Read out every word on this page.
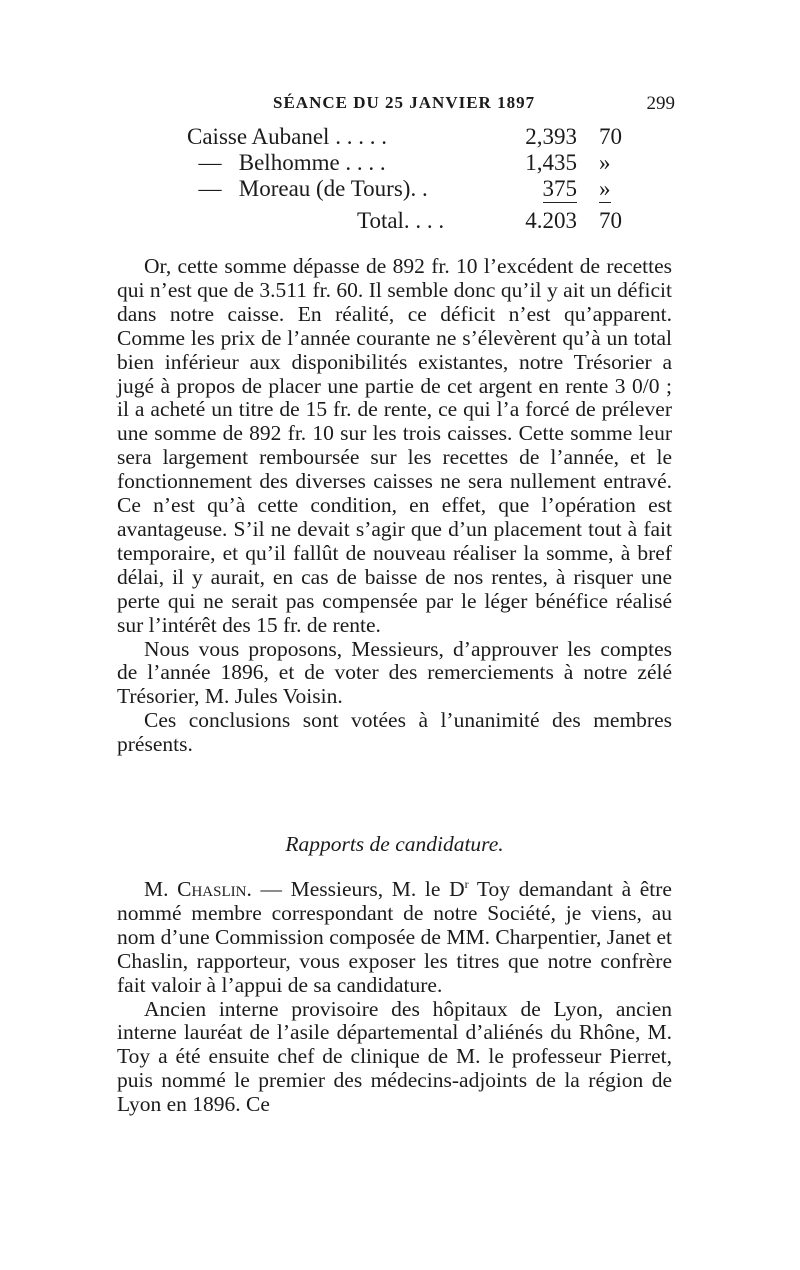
SÉANCE DU 25 JANVIER 1897	299
Caisse Aubanel . . . . .	2,393 70
—   Belhomme . . . .	1,435 »
—   Moreau (de Tours). .	375 »
Total. . . .	4.203 70

Or, cette somme dépasse de 892 fr. 10 l’excédent de recettes qui n’est que de 3.511 fr. 60. Il semble donc qu’il y ait un déficit dans notre caisse. En réalité, ce déficit n’est qu’apparent. Comme les prix de l’année courante ne s’élevèrent qu’à un total bien inférieur aux disponibilités existantes, notre Trésorier a jugé à propos de placer une partie de cet argent en rente 3 0/0 ; il a acheté un titre de 15 fr. de rente, ce qui l’a forcé de prélever une somme de 892 fr. 10 sur les trois caisses. Cette somme leur sera largement remboursée sur les recettes de l’année, et le fonctionnement des diverses caisses ne sera nullement entravé. Ce n’est qu’à cette condition, en effet, que l’opération est avantageuse. S’il ne devait s’agir que d’un placement tout à fait temporaire, et qu’il fallût de nouveau réaliser la somme, à bref délai, il y aurait, en cas de baisse de nos rentes, à risquer une perte qui ne serait pas compensée par le léger bénéfice réalisé sur l’intérêt des 15 fr. de rente.

Nous vous proposons, Messieurs, d’approuver les comptes de l’année 1896, et de voter des remerciements à notre zélé Trésorier, M. Jules Voisin.

Ces conclusions sont votées à l’unanimité des membres présents.

Rapports de candidature.

M. Chaslin. — Messieurs, M. le $D^r$ Toy demandant à être nommé membre correspondant de notre Société, je viens, au nom d’une Commission composée de MM. Charpentier, Janet et Chaslin, rapporteur, vous exposer les titres que notre confrère fait valoir à l’appui de sa candidature.

Ancien interne provisoire des hôpitaux de Lyon, ancien interne lauréat de l’asile départemental d’aliénés du Rhône, M. Toy a été ensuite chef de clinique de M. le professeur Pierret, puis nommé le premier des médecins-adjoints de la région de Lyon en 1896. Ce
